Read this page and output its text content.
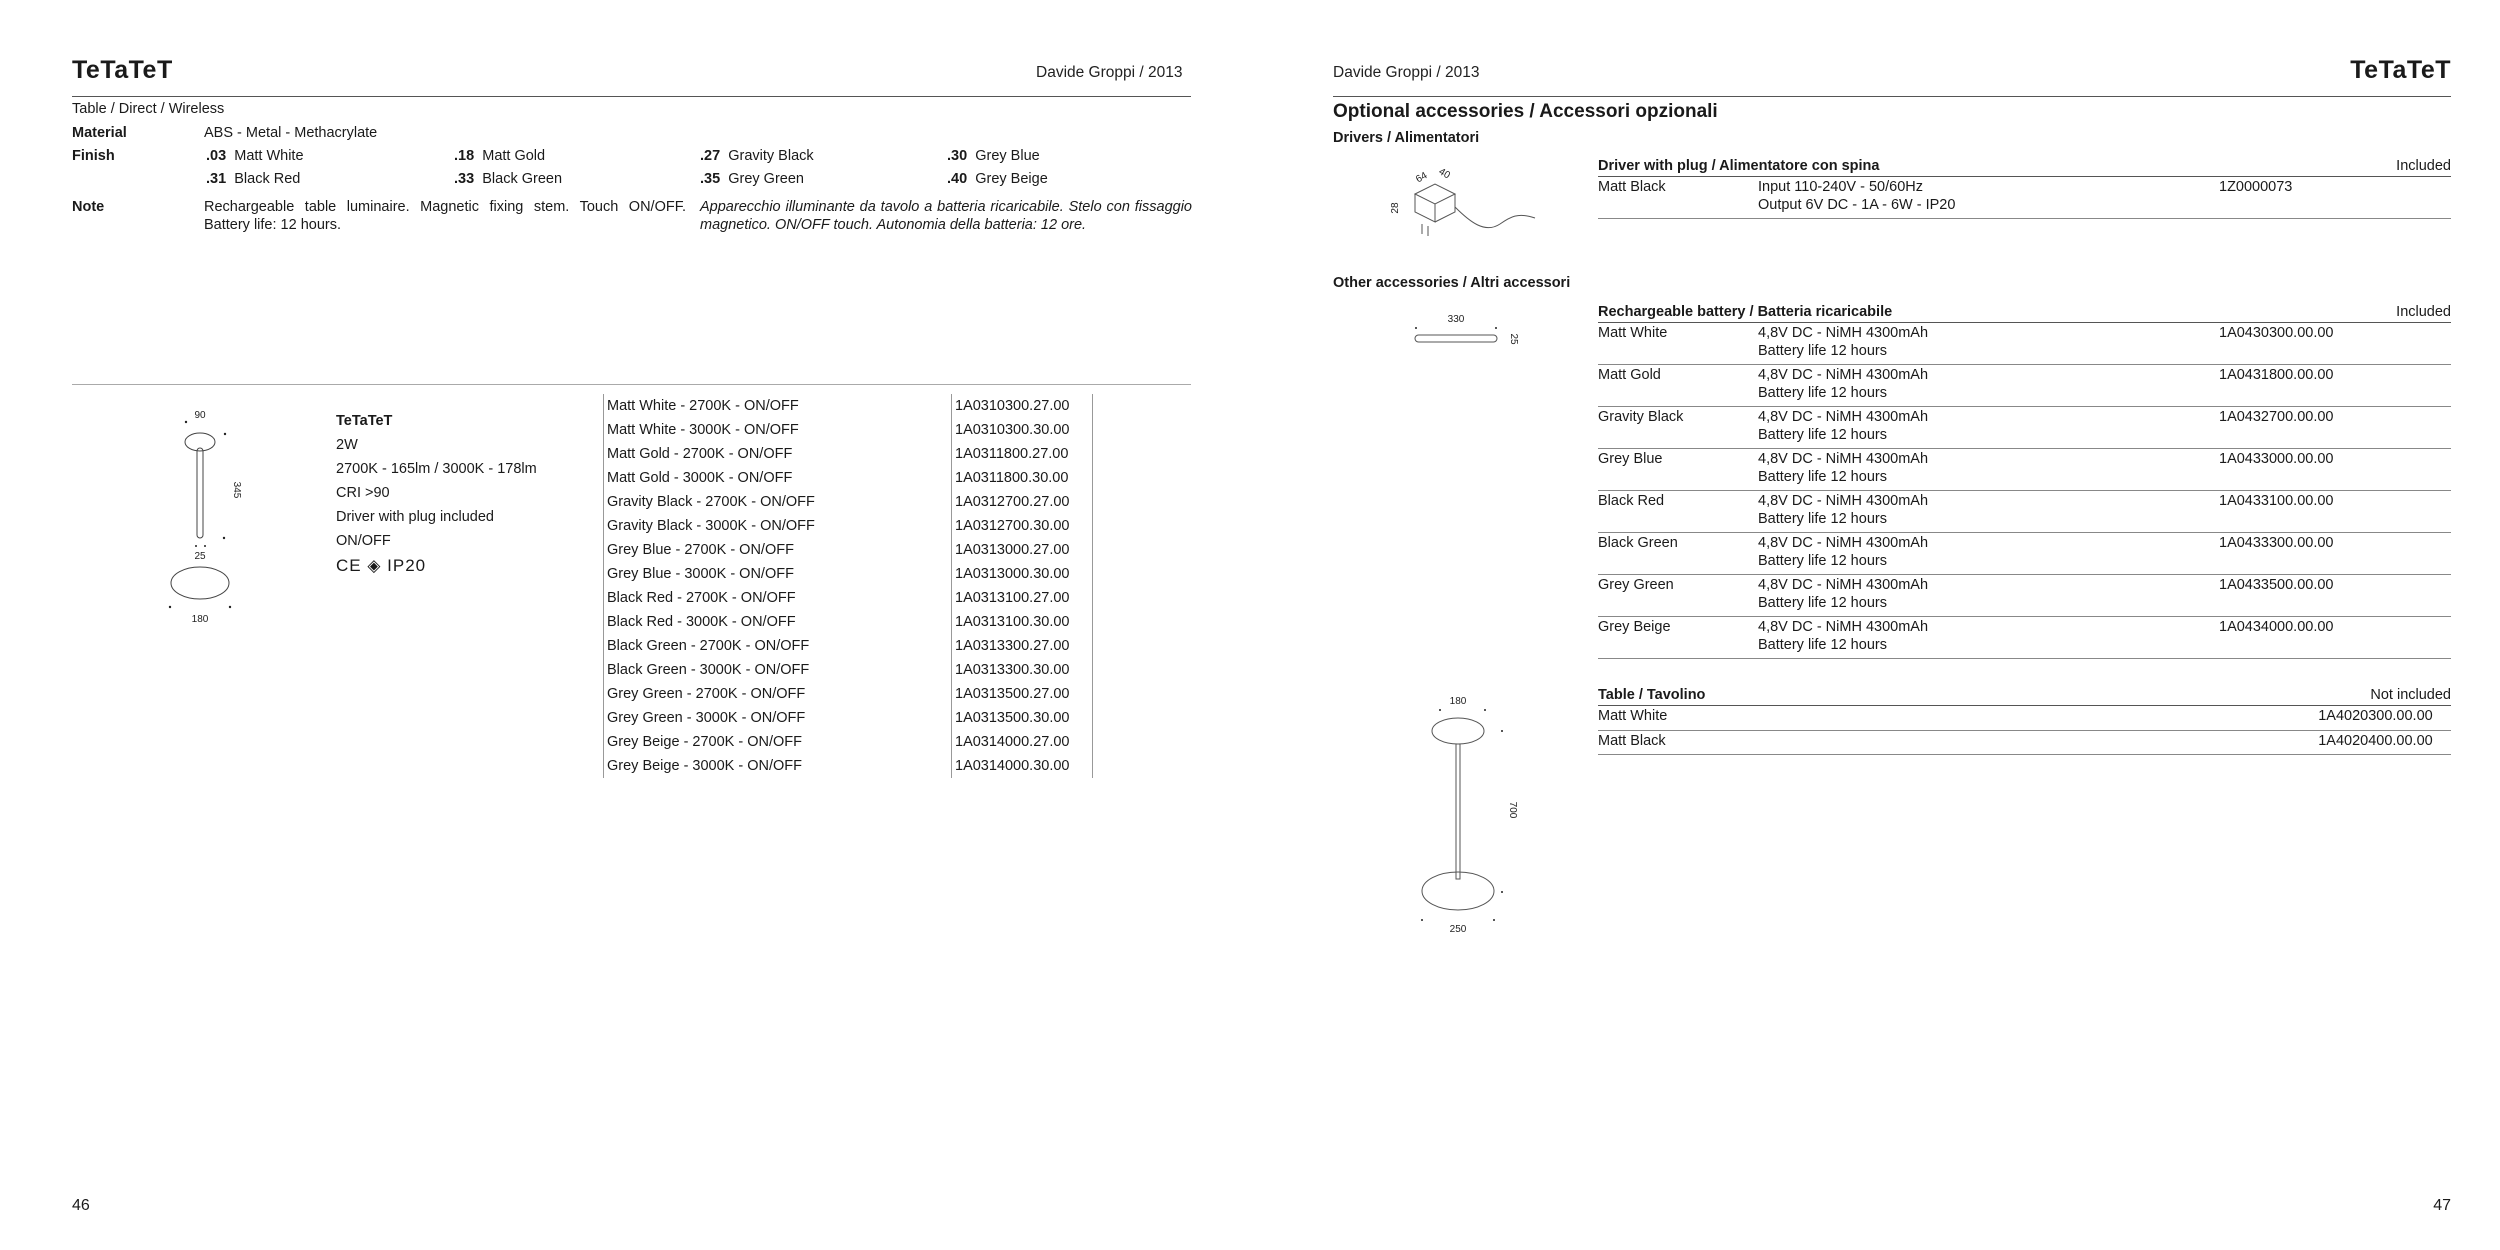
TeTaTeT	Davide Groppi / 2013
Table / Direct / Wireless
Material	ABS - Metal - Methacrylate
Finish	.03 Matt White	.18 Matt Gold	.27 Gravity Black	.30 Grey Blue
.31 Black Red	.33 Black Green	.35 Grey Green	.40 Grey Beige
Note	Rechargeable table luminaire. Magnetic fixing stem. Touch ON/OFF. Battery life: 12 hours.
Apparecchio illuminante da tavolo a batteria ricaricabile. Stelo con fissaggio magnetico. ON/OFF touch. Autonomia della batteria: 12 ore.
90
345
25
180
TeTaTeT
2W
2700K - 165lm / 3000K - 178lm
CRI >90
Driver with plug included
ON/OFF
CE ◈ IP20
Matt White - 2700K - ON/OFF	1A0310300.27.00
Matt White - 3000K - ON/OFF	1A0310300.30.00
Matt Gold - 2700K - ON/OFF	1A0311800.27.00
Matt Gold - 3000K - ON/OFF	1A0311800.30.00
Gravity Black - 2700K - ON/OFF	1A0312700.27.00
Gravity Black - 3000K - ON/OFF	1A0312700.30.00
Grey Blue - 2700K - ON/OFF	1A0313000.27.00
Grey Blue - 3000K - ON/OFF	1A0313000.30.00
Black Red - 2700K - ON/OFF	1A0313100.27.00
Black Red - 3000K - ON/OFF	1A0313100.30.00
Black Green - 2700K - ON/OFF	1A0313300.27.00
Black Green - 3000K - ON/OFF	1A0313300.30.00
Grey Green - 2700K - ON/OFF	1A0313500.27.00
Grey Green - 3000K - ON/OFF	1A0313500.30.00
Grey Beige - 2700K - ON/OFF	1A0314000.27.00
Grey Beige - 3000K - ON/OFF	1A0314000.30.00
46
Davide Groppi / 2013	TeTaTeT
Optional accessories / Accessori opzionali
Drivers / Alimentatori
64 40
28
Driver with plug / Alimentatore con spina		Included
Matt Black	Input 110-240V - 50/60Hz
Output 6V DC - 1A - 6W - IP20	1Z0000073
Other accessories / Altri accessori
330
25
Rechargeable battery / Batteria ricaricabile		Included
Matt White	4,8V DC - NiMH 4300mAh
Battery life 12 hours	1A0430300.00.00
Matt Gold	4,8V DC - NiMH 4300mAh
Battery life 12 hours	1A0431800.00.00
Gravity Black	4,8V DC - NiMH 4300mAh
Battery life 12 hours	1A0432700.00.00
Grey Blue	4,8V DC - NiMH 4300mAh
Battery life 12 hours	1A0433000.00.00
Black Red	4,8V DC - NiMH 4300mAh
Battery life 12 hours	1A0433100.00.00
Black Green	4,8V DC - NiMH 4300mAh
Battery life 12 hours	1A0433300.00.00
Grey Green	4,8V DC - NiMH 4300mAh
Battery life 12 hours	1A0433500.00.00
Grey Beige	4,8V DC - NiMH 4300mAh
Battery life 12 hours	1A0434000.00.00
180
700
250
Table / Tavolino	Not included
Matt White	1A4020300.00.00
Matt Black	1A4020400.00.00
47
